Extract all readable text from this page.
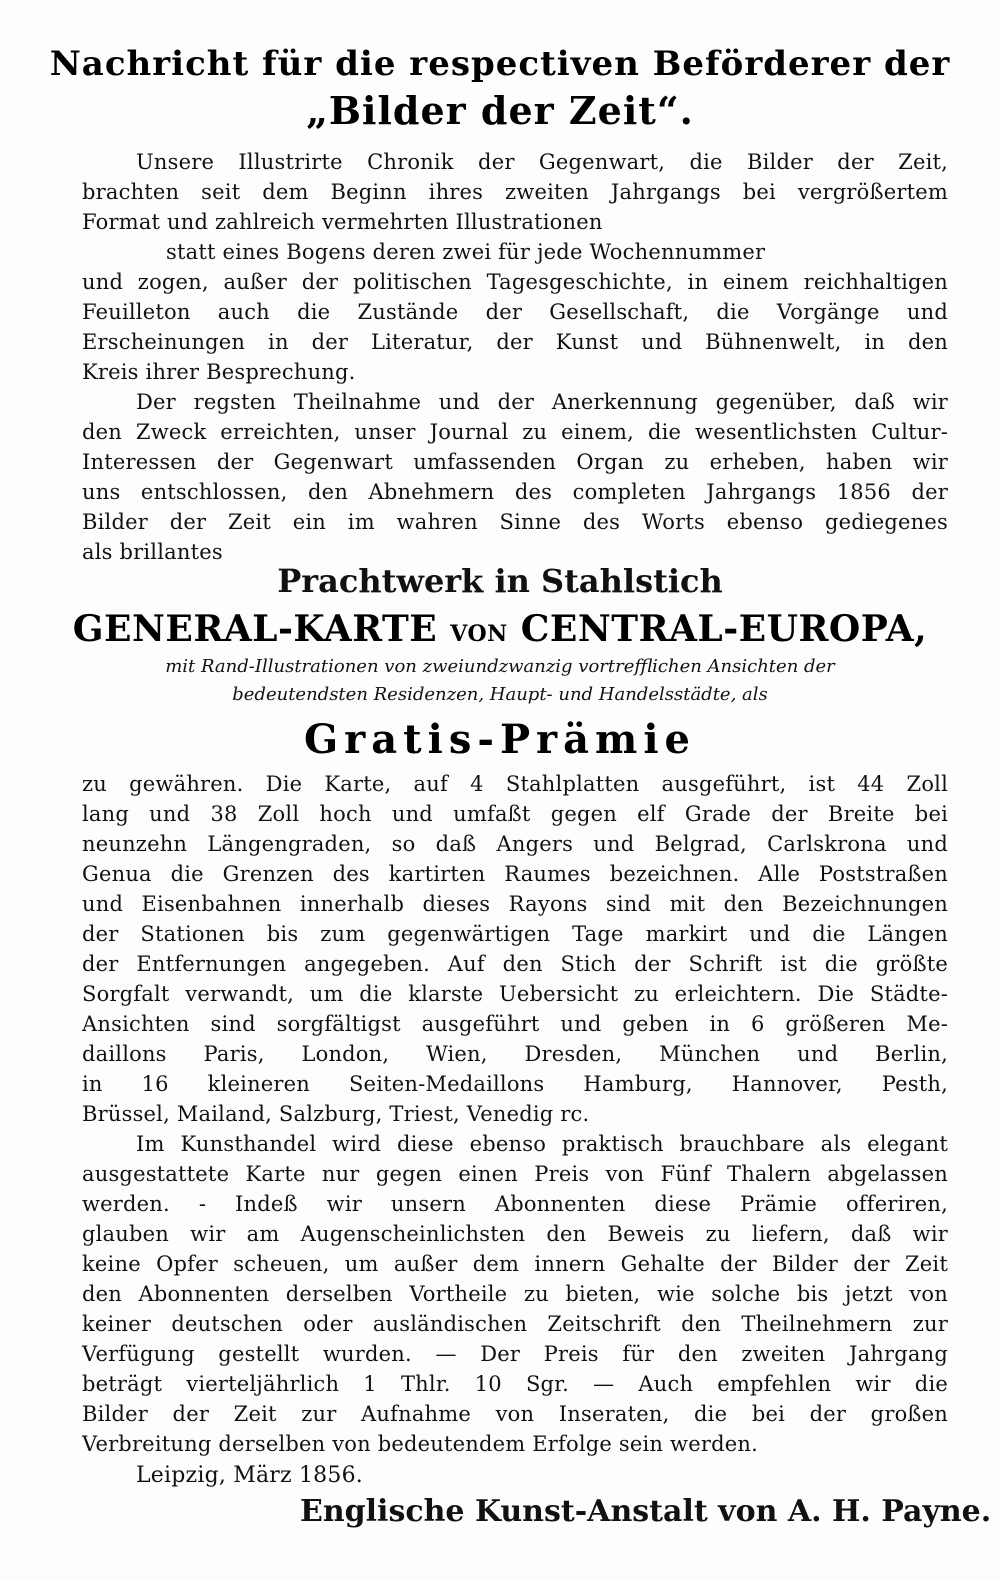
Nachricht für die respectiven Beförderer der
„Bilder der Zeit“.
Unsere Illustrirte Chronik der Gegenwart, die Bilder der Zeit,
brachten seit dem Beginn ihres zweiten Jahrgangs bei vergrößertem
Format und zahlreich vermehrten Illustrationen
statt eines Bogens deren zwei für jede Wochennummer
und zogen, außer der politischen Tagesgeschichte, in einem reichhaltigen
Feuilleton auch die Zustände der Gesellschaft, die Vorgänge und
Erscheinungen in der Literatur, der Kunst und Bühnenwelt, in den
Kreis ihrer Besprechung.
Der regsten Theilnahme und der Anerkennung gegenüber, daß wir
den Zweck erreichten, unser Journal zu einem, die wesentlichsten Cultur-
Interessen der Gegenwart umfassenden Organ zu erheben, haben wir
uns entschlossen, den Abnehmern des completen Jahrgangs 1856 der
Bilder der Zeit ein im wahren Sinne des Worts ebenso gediegenes
als brillantes
Prachtwerk in Stahlstich
GENERAL-KARTE VON CENTRAL-EUROPA,
mit Rand-Illustrationen von zweiundzwanzig vortrefflichen Ansichten der
bedeutendsten Residenzen, Haupt- und Handelsstädte, als
Gratis-Prämie
zu gewähren. Die Karte, auf 4 Stahlplatten ausgeführt, ist 44 Zoll
lang und 38 Zoll hoch und umfaßt gegen elf Grade der Breite bei
neunzehn Längengraden, so daß Angers und Belgrad, Carlskrona und
Genua die Grenzen des kartirten Raumes bezeichnen. Alle Poststraßen
und Eisenbahnen innerhalb dieses Rayons sind mit den Bezeichnungen
der Stationen bis zum gegenwärtigen Tage markirt und die Längen
der Entfernungen angegeben. Auf den Stich der Schrift ist die größte
Sorgfalt verwandt, um die klarste Uebersicht zu erleichtern. Die Städte-
Ansichten sind sorgfältigst ausgeführt und geben in 6 größeren Me-
daillons Paris, London, Wien, Dresden, München und Berlin,
in 16 kleineren Seiten-Medaillons Hamburg, Hannover, Pesth,
Brüssel, Mailand, Salzburg, Triest, Venedig rc.
Im Kunsthandel wird diese ebenso praktisch brauchbare als elegant
ausgestattete Karte nur gegen einen Preis von Fünf Thalern abgelassen
werden. - Indeß wir unsern Abonnenten diese Prämie offeriren,
glauben wir am Augenscheinlichsten den Beweis zu liefern, daß wir
keine Opfer scheuen, um außer dem innern Gehalte der Bilder der Zeit
den Abonnenten derselben Vortheile zu bieten, wie solche bis jetzt von
keiner deutschen oder ausländischen Zeitschrift den Theilnehmern zur
Verfügung gestellt wurden. — Der Preis für den zweiten Jahrgang
beträgt vierteljährlich 1 Thlr. 10 Sgr. — Auch empfehlen wir die
Bilder der Zeit zur Aufnahme von Inseraten, die bei der großen
Verbreitung derselben von bedeutendem Erfolge sein werden.
Leipzig, März 1856.
Englische Kunst-Anstalt von A. H. Payne.
